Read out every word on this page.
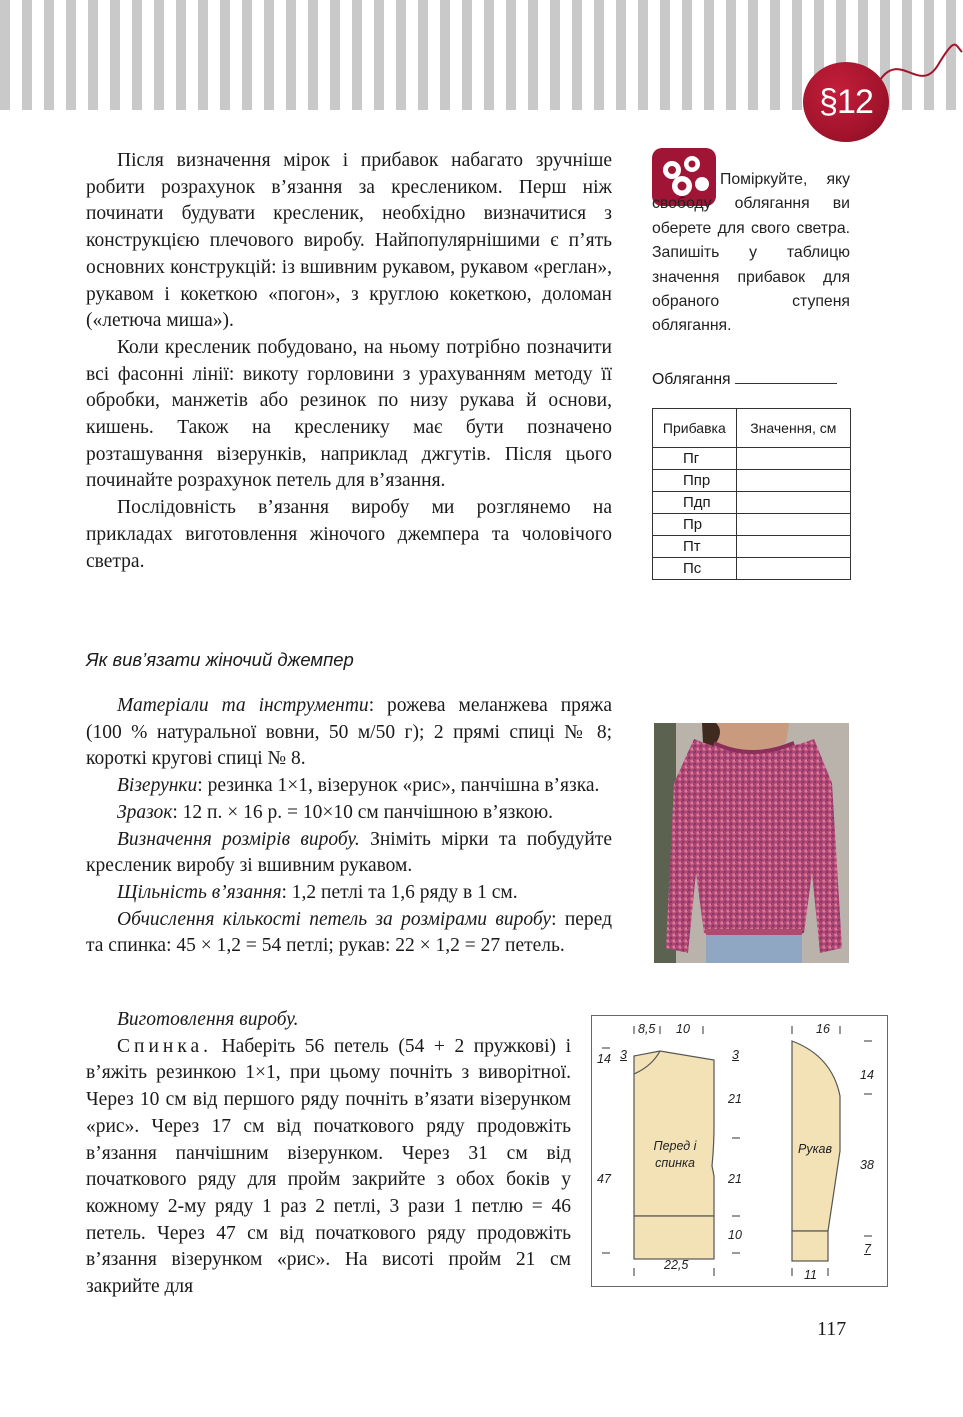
§12

Після визначення мірок і прибавок набагато зручніше робити розрахунок в’язання за креслеником. Перш ніж починати будувати кресленик, необхідно визначитися з конструкцією плечового виробу. Найпопулярнішими є п’ять основних конструкцій: із вшивним рукавом, рукавом «реглан», рукавом і кокеткою «погон», з круглою кокеткою, доломан («летюча миша»).

Коли кресленик побудовано, на ньому потрібно позначити всі фасонні лінії: викоту горловини з урахуванням методу її обробки, манжетів або резинок по низу рукава й основи, кишень. Також на кресленику має бути позначено розташування візерунків, наприклад джгутів. Після цього починайте розрахунок петель для в’язання.

Послідовність в’язання виробу ми розглянемо на прикладах виготовлення жіночого джемпера та чоловічого светра.

Поміркуйте, яку свободу облягання ви оберете для свого светра. Запишіть у таблицю значення прибавок для обраного ступеня облягання.
Облягання
Прибавка	Значення, см
Пг	
Ппр	
Пдп	
Пр	
Пт	
Пс	
Як вив’язати жіночий джемпер

Матеріали та інструменти: рожева меланжева пряжа (100 % натуральної вовни, 50 м/50 г); 2 прямі спиці № 8; короткі кругові спиці № 8.

Візерунки: резинка 1×1, візерунок «рис», панчішна в’язка.

Зразок: 12 п. × 16 р. = 10×10 см панчішною в’язкою.

Визначення розмірів виробу. Зніміть мірки та побудуйте кресленик виробу зі вшивним рукавом.

Щільність в’язання: 1,2 петлі та 1,6 ряду в 1 см.

Обчислення кількості петель за розмірами виробу: перед та спинка: 45 × 1,2 = 54 петлі; рукав: 22 × 1,2 = 27 петель.

Виготовлення виробу.

Спинка. Наберіть 56 петель (54 + 2 пружкові) і в’яжіть резинкою 1×1, при цьому почніть з виворітної. Через 10 см від першого ряду почніть в’язати візерунком «рис». Через 17 см від початкового ряду продовжіть в’язання панчішним візерунком. Через 31 см від початкового ряду для пройм закрийте з обох боків у кожному 2-му ряду 1 раз 2 петлі, 3 рази 1 петлю = 46 петель. Через 47 см від початкового ряду продовжіть в’язання візерунком «рис». На висоті пройм 21 см закрийте для

8,5 10
14 3	3
21
47	21
10
22,5
Перед і спинка
Рукав
16
14
38
7
11
117
